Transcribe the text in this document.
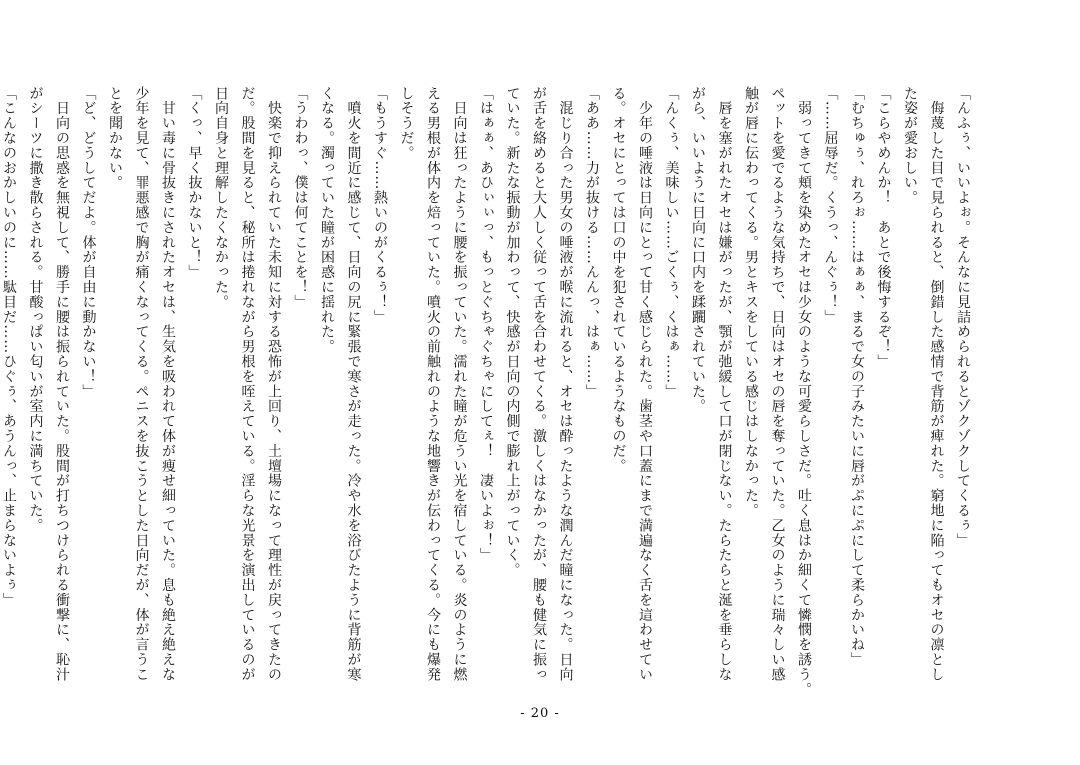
「んふぅ、いいよぉ。そんなに見詰められるとゾクゾクしてくるぅ」

　侮蔑した目で見られると、倒錯した感情で背筋が痺れた。窮地に陥ってもオセの凛とし

た姿が愛おしい。

「こらやめんか！　あとで後悔するぞ！」

「むちゅぅ、れろぉ……はぁぁ、まるで女の子みたいに唇がぷにぷにして柔らかいね」

「……屈辱だ。くうっ、んぐぅ！」

　弱ってきて頬を染めたオセは少女のような可愛らしさだ。吐く息はか細くて憐憫を誘う。

ペットを愛でるような気持ちで、日向はオセの唇を奪っていた。乙女のように瑞々しい感

触が唇に伝わってくる。男とキスをしている感じはしなかった。

　唇を塞がれたオセは嫌がったが、顎が弛緩して口が閉じない。たらたらと涎を垂らしな

がら、いいように日向に口内を蹂躙されていた。

「んくぅ、美味しい……ごくぅ、くはぁ……」

　少年の唾液は日向にとって甘く感じられた。歯茎や口蓋にまで満遍なく舌を這わせてい

る。オセにとっては口の中を犯されているようなものだ。

「ああ……力が抜ける……んんっ、はぁ……」

　混じり合った男女の唾液が喉に流れると、オセは酔ったような潤んだ瞳になった。日向

が舌を絡めると大人しく従って舌を合わせてくる。激しくはなかったが、腰も健気に振っ

ていた。新たな振動が加わって、快感が日向の内側で膨れ上がっていく。

「はぁぁ、あひぃぃっ、もっとぐちゃぐちゃにしてぇ！　凄いよぉ！」

　日向は狂ったように腰を振っていた。濡れた瞳が危うい光を宿している。炎のように燃

える男根が体内を焙っていた。噴火の前触れのような地響きが伝わってくる。今にも爆発

しそうだ。

「もうすぐ……熱いのがくるぅ！」

　噴火を間近に感じて、日向の尻に緊張で寒さが走った。冷や水を浴びたように背筋が寒

くなる。濁っていた瞳が困惑に揺れた。

「うわわっ、僕は何てことを！」

　快楽で抑えられていた未知に対する恐怖が上回り、土壇場になって理性が戻ってきたの

だ。股間を見ると、秘所は捲れながら男根を咥えている。淫らな光景を演出しているのが

日向自身と理解したくなかった。

「くっ、早く抜かないと！」

　甘い毒に骨抜きにされたオセは、生気を吸われて体が痩せ細っていた。息も絶え絶えな

少年を見て、罪悪感で胸が痛くなってくる。ペニスを抜こうとした日向だが、体が言うこ

とを聞かない。

「ど、どうしてだよ。体が自由に動かない！」

　日向の思惑を無視して、勝手に腰は振られていた。股間が打ちつけられる衝撃に、恥汁

がシーツに撒き散らされる。甘酸っぱい匂いが室内に満ちていた。

「こんなのおかしいのに……駄目だ……ひぐぅ、あうんっ、止まらないよぅ」

- 20 -
